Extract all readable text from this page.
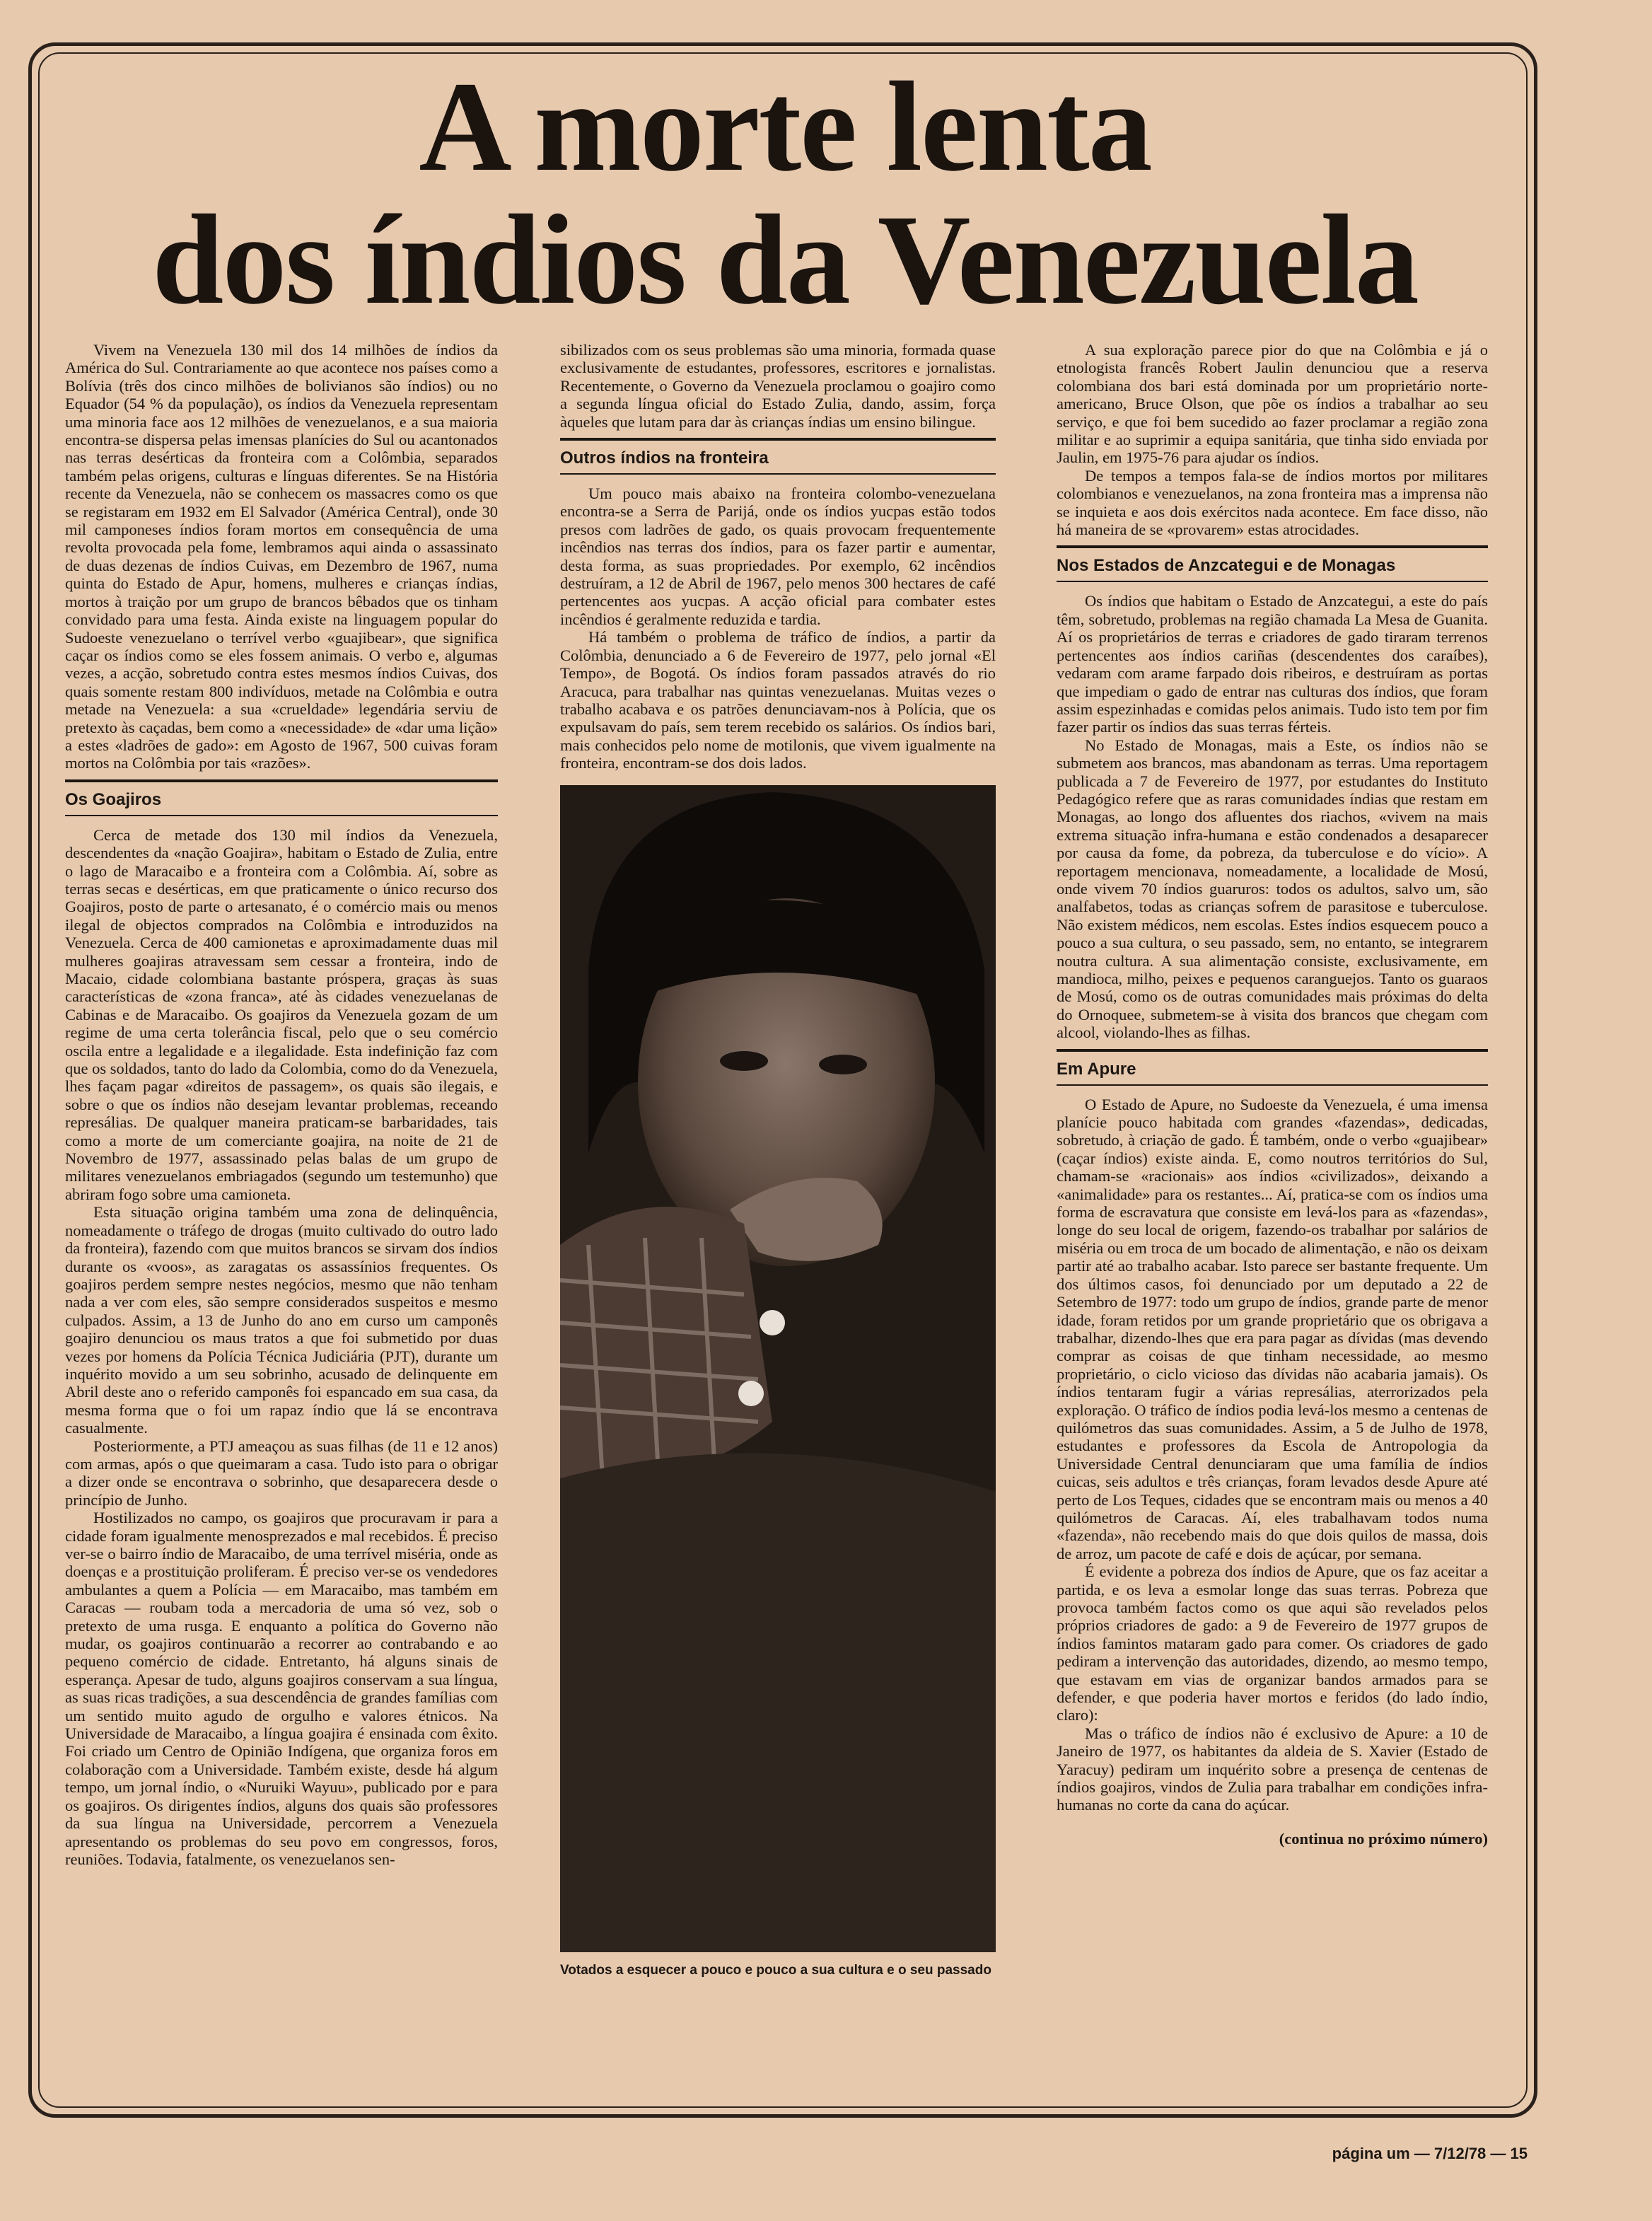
A morte lenta
dos índios da Venezuela

Vivem na Venezuela 130 mil dos 14 milhões de índios da América do Sul. Contrariamente ao que acontece nos países como a Bolívia (três dos cinco milhões de bolivianos são índios) ou no Equador (54 % da população), os índios da Venezuela representam uma minoria face aos 12 milhões de venezuelanos, e a sua maioria encontra-se dispersa pelas imensas planícies do Sul ou acantonados nas terras desérticas da fronteira com a Colômbia, separados também pelas origens, culturas e línguas diferentes. Se na História recente da Venezuela, não se conhecem os massacres como os que se registaram em 1932 em El Salvador (América Central), onde 30 mil camponeses índios foram mortos em consequência de uma revolta provocada pela fome, lembramos aqui ainda o assassinato de duas dezenas de índios Cuivas, em Dezembro de 1967, numa quinta do Estado de Apur, homens, mulheres e crianças índias, mortos à traição por um grupo de brancos bêbados que os tinham convidado para uma festa. Ainda existe na linguagem popular do Sudoeste venezuelano o terrível verbo «guajibear», que significa caçar os índios como se eles fossem animais. O verbo e, algumas vezes, a acção, sobretudo contra estes mesmos índios Cuivas, dos quais somente restam 800 indivíduos, metade na Colômbia e outra metade na Venezuela: a sua «crueldade» legendária serviu de pretexto às caçadas, bem como a «necessidade» de «dar uma lição» a estes «ladrões de gado»: em Agosto de 1967, 500 cuivas foram mortos na Colômbia por tais «razões».

Os Goajiros

Cerca de metade dos 130 mil índios da Venezuela, descendentes da «nação Goajira», habitam o Estado de Zulia, entre o lago de Maracaibo e a fronteira com a Colômbia. Aí, sobre as terras secas e desérticas, em que praticamente o único recurso dos Goajiros, posto de parte o artesanato, é o comércio mais ou menos ilegal de objectos comprados na Colômbia e introduzidos na Venezuela. Cerca de 400 camionetas e aproximadamente duas mil mulheres goajiras atravessam sem cessar a fronteira, indo de Macaio, cidade colombiana bastante próspera, graças às suas características de «zona franca», até às cidades venezuelanas de Cabinas e de Maracaibo. Os goajiros da Venezuela gozam de um regime de uma certa tolerância fiscal, pelo que o seu comércio oscila entre a legalidade e a ilegalidade. Esta indefinição faz com que os soldados, tanto do lado da Colombia, como do da Venezuela, lhes façam pagar «direitos de passagem», os quais são ilegais, e sobre o que os índios não desejam levantar problemas, receando represálias. De qualquer maneira praticam-se barbaridades, tais como a morte de um comerciante goajira, na noite de 21 de Novembro de 1977, assassinado pelas balas de um grupo de militares venezuelanos embriagados (segundo um testemunho) que abriram fogo sobre uma camioneta.

Esta situação origina também uma zona de delinquência, nomeadamente o tráfego de drogas (muito cultivado do outro lado da fronteira), fazendo com que muitos brancos se sirvam dos índios durante os «voos», as zaragatas os assassínios frequentes. Os goajiros perdem sempre nestes negócios, mesmo que não tenham nada a ver com eles, são sempre considerados suspeitos e mesmo culpados. Assim, a 13 de Junho do ano em curso um camponês goajiro denunciou os maus tratos a que foi submetido por duas vezes por homens da Polícia Técnica Judiciária (PJT), durante um inquérito movido a um seu sobrinho, acusado de delinquente em Abril deste ano o referido camponês foi espancado em sua casa, da mesma forma que o foi um rapaz índio que lá se encontrava casualmente.

Posteriormente, a PTJ ameaçou as suas filhas (de 11 e 12 anos) com armas, após o que queimaram a casa. Tudo isto para o obrigar a dizer onde se encontrava o sobrinho, que desaparecera desde o princípio de Junho.

Hostilizados no campo, os goajiros que procuravam ir para a cidade foram igualmente menosprezados e mal recebidos. É preciso ver-se o bairro índio de Maracaibo, de uma terrível miséria, onde as doenças e a prostituição proliferam. É preciso ver-se os vendedores ambulantes a quem a Polícia — em Maracaibo, mas também em Caracas — roubam toda a mercadoria de uma só vez, sob o pretexto de uma rusga. E enquanto a política do Governo não mudar, os goajiros continuarão a recorrer ao contrabando e ao pequeno comércio de cidade. Entretanto, há alguns sinais de esperança. Apesar de tudo, alguns goajiros conservam a sua língua, as suas ricas tradições, a sua descendência de grandes famílias com um sentido muito agudo de orgulho e valores étnicos. Na Universidade de Maracaibo, a língua goajira é ensinada com êxito. Foi criado um Centro de Opinião Indígena, que organiza foros em colaboração com a Universidade. Também existe, desde há algum tempo, um jornal índio, o «Nuruiki Wayuu», publicado por e para os goajiros. Os dirigentes índios, alguns dos quais são professores da sua língua na Universidade, percorrem a Venezuela apresentando os problemas do seu povo em congressos, foros, reuniões. Todavia, fatalmente, os venezuelanos sen-

sibilizados com os seus problemas são uma minoria, formada quase exclusivamente de estudantes, professores, escritores e jornalistas. Recentemente, o Governo da Venezuela proclamou o goajiro como a segunda língua oficial do Estado Zulia, dando, assim, força àqueles que lutam para dar às crianças índias um ensino bilingue.

Outros índios na fronteira

Um pouco mais abaixo na fronteira colombo-venezuelana encontra-se a Serra de Parijá, onde os índios yucpas estão todos presos com ladrões de gado, os quais provocam frequentemente incêndios nas terras dos índios, para os fazer partir e aumentar, desta forma, as suas propriedades. Por exemplo, 62 incêndios destruíram, a 12 de Abril de 1967, pelo menos 300 hectares de café pertencentes aos yucpas. A acção oficial para combater estes incêndios é geralmente reduzida e tardia.

Há também o problema de tráfico de índios, a partir da Colômbia, denunciado a 6 de Fevereiro de 1977, pelo jornal «El Tempo», de Bogotá. Os índios foram passados através do rio Aracuca, para trabalhar nas quintas venezuelanas. Muitas vezes o trabalho acabava e os patrões denunciavam-nos à Polícia, que os expulsavam do país, sem terem recebido os salários. Os índios bari, mais conhecidos pelo nome de motilonis, que vivem igualmente na fronteira, encontram-se dos dois lados.

Votados a esquecer a pouco e pouco a sua cultura e o seu passado

A sua exploração parece pior do que na Colômbia e já o etnologista francês Robert Jaulin denunciou que a reserva colombiana dos bari está dominada por um proprietário norte-americano, Bruce Olson, que põe os índios a trabalhar ao seu serviço, e que foi bem sucedido ao fazer proclamar a região zona militar e ao suprimir a equipa sanitária, que tinha sido enviada por Jaulin, em 1975-76 para ajudar os índios.

De tempos a tempos fala-se de índios mortos por militares colombianos e venezuelanos, na zona fronteira mas a imprensa não se inquieta e aos dois exércitos nada acontece. Em face disso, não há maneira de se «provarem» estas atrocidades.

Nos Estados de Anzcategui e de Monagas

Os índios que habitam o Estado de Anzcategui, a este do país têm, sobretudo, problemas na região chamada La Mesa de Guanita. Aí os proprietários de terras e criadores de gado tiraram terrenos pertencentes aos índios cariñas (descendentes dos caraíbes), vedaram com arame farpado dois ribeiros, e destruíram as portas que impediam o gado de entrar nas culturas dos índios, que foram assim espezinhadas e comidas pelos animais. Tudo isto tem por fim fazer partir os índios das suas terras férteis.

No Estado de Monagas, mais a Este, os índios não se submetem aos brancos, mas abandonam as terras. Uma reportagem publicada a 7 de Fevereiro de 1977, por estudantes do Instituto Pedagógico refere que as raras comunidades índias que restam em Monagas, ao longo dos afluentes dos riachos, «vivem na mais extrema situação infra-humana e estão condenados a desaparecer por causa da fome, da pobreza, da tuberculose e do vício». A reportagem mencionava, nomeadamente, a localidade de Mosú, onde vivem 70 índios guaruros: todos os adultos, salvo um, são analfabetos, todas as crianças sofrem de parasitose e tuberculose. Não existem médicos, nem escolas. Estes índios esquecem pouco a pouco a sua cultura, o seu passado, sem, no entanto, se integrarem noutra cultura. A sua alimentação consiste, exclusivamente, em mandioca, milho, peixes e pequenos caranguejos. Tanto os guaraos de Mosú, como os de outras comunidades mais próximas do delta do Ornoquee, submetem-se à visita dos brancos que chegam com alcool, violando-lhes as filhas.

Em Apure

O Estado de Apure, no Sudoeste da Venezuela, é uma imensa planície pouco habitada com grandes «fazendas», dedicadas, sobretudo, à criação de gado. É também, onde o verbo «guajibear» (caçar índios) existe ainda. E, como noutros territórios do Sul, chamam-se «racionais» aos índios «civilizados», deixando a «animalidade» para os restantes... Aí, pratica-se com os índios uma forma de escravatura que consiste em levá-los para as «fazendas», longe do seu local de origem, fazendo-os trabalhar por salários de miséria ou em troca de um bocado de alimentação, e não os deixam partir até ao trabalho acabar. Isto parece ser bastante frequente. Um dos últimos casos, foi denunciado por um deputado a 22 de Setembro de 1977: todo um grupo de índios, grande parte de menor idade, foram retidos por um grande proprietário que os obrigava a trabalhar, dizendo-lhes que era para pagar as dívidas (mas devendo comprar as coisas de que tinham necessidade, ao mesmo proprietário, o ciclo vicioso das dívidas não acabaria jamais). Os índios tentaram fugir a várias represálias, aterrorizados pela exploração. O tráfico de índios podia levá-los mesmo a centenas de quilómetros das suas comunidades. Assim, a 5 de Julho de 1978, estudantes e professores da Escola de Antropologia da Universidade Central denunciaram que uma família de índios cuicas, seis adultos e três crianças, foram levados desde Apure até perto de Los Teques, cidades que se encontram mais ou menos a 40 quilómetros de Caracas. Aí, eles trabalhavam todos numa «fazenda», não recebendo mais do que dois quilos de massa, dois de arroz, um pacote de café e dois de açúcar, por semana.

É evidente a pobreza dos índios de Apure, que os faz aceitar a partida, e os leva a esmolar longe das suas terras. Pobreza que provoca também factos como os que aqui são revelados pelos próprios criadores de gado: a 9 de Fevereiro de 1977 grupos de índios famintos mataram gado para comer. Os criadores de gado pediram a intervenção das autoridades, dizendo, ao mesmo tempo, que estavam em vias de organizar bandos armados para se defender, e que poderia haver mortos e feridos (do lado índio, claro):

Mas o tráfico de índios não é exclusivo de Apure: a 10 de Janeiro de 1977, os habitantes da aldeia de S. Xavier (Estado de Yaracuy) pediram um inquérito sobre a presença de centenas de índios goajiros, vindos de Zulia para trabalhar em condições infra-humanas no corte da cana do açúcar.

(continua no próximo número)

página um — 7/12/78 — 15
